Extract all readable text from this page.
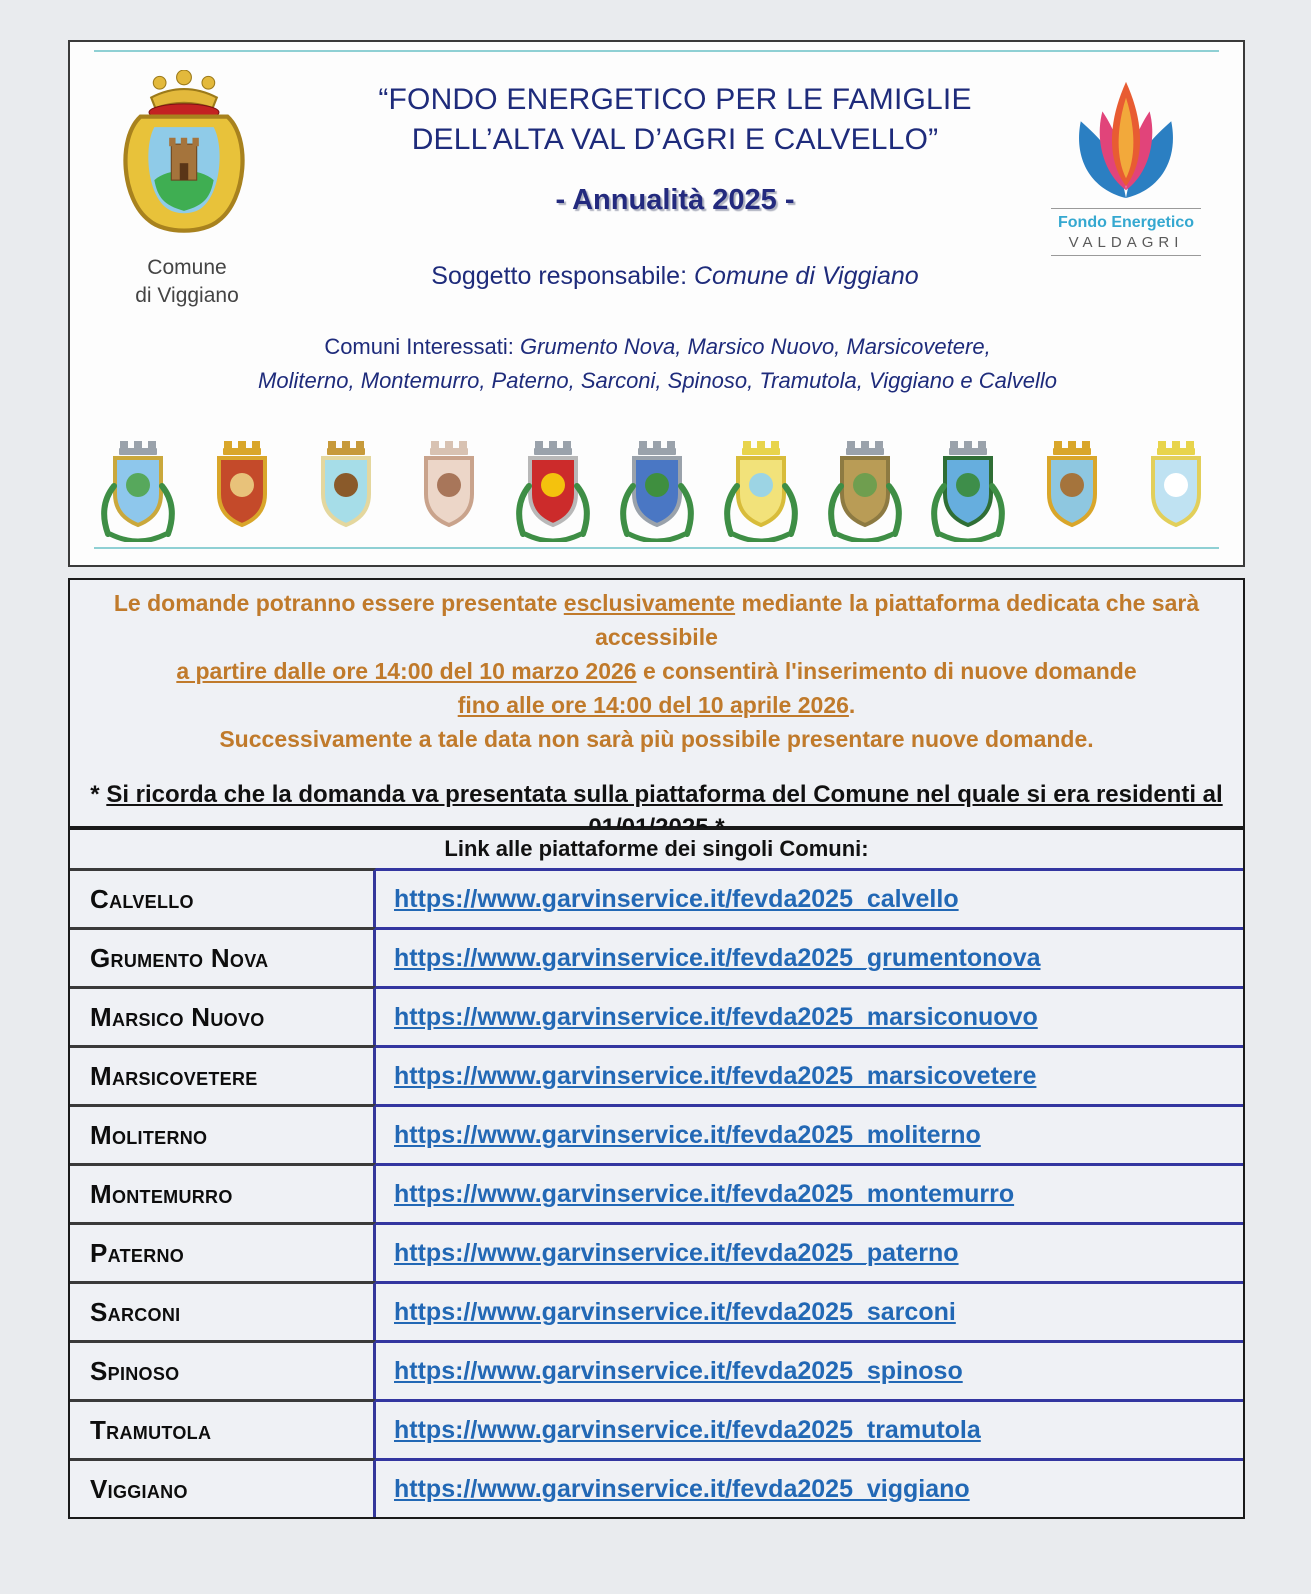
Comune
di Viggiano
“FONDO ENERGETICO PER LE FAMIGLIE
DELL’ALTA VAL D’AGRI E CALVELLO”
- Annualità 2025 -
Soggetto responsabile: Comune di Viggiano
Fondo Energetico
VALDAGRI
Comuni Interessati: Grumento Nova, Marsico Nuovo, Marsicovetere,
Moliterno, Montemurro, Paterno, Sarconi, Spinoso, Tramutola, Viggiano e Calvello
Le domande potranno essere presentate esclusivamente mediante la piattaforma dedicata che sarà accessibile
a partire dalle ore 14:00 del 10 marzo 2026 e consentirà l'inserimento di nuove domande
fino alle ore 14:00 del 10 aprile 2026.
Successivamente a tale data non sarà più possibile presentare nuove domande.
* Si ricorda che la domanda va presentata sulla piattaforma del Comune nel quale si era residenti al
Link alle piattaforme dei singoli Comuni:
Calvello	https://www.garvinservice.it/fevda2025_calvello
Grumento Nova	https://www.garvinservice.it/fevda2025_grumentonova
Marsico Nuovo	https://www.garvinservice.it/fevda2025_marsiconuovo
Marsicovetere	https://www.garvinservice.it/fevda2025_marsicovetere
Moliterno	https://www.garvinservice.it/fevda2025_moliterno
Montemurro	https://www.garvinservice.it/fevda2025_montemurro
Paterno	https://www.garvinservice.it/fevda2025_paterno
Sarconi	https://www.garvinservice.it/fevda2025_sarconi
Spinoso	https://www.garvinservice.it/fevda2025_spinoso
Tramutola	https://www.garvinservice.it/fevda2025_tramutola
Viggiano	https://www.garvinservice.it/fevda2025_viggiano
